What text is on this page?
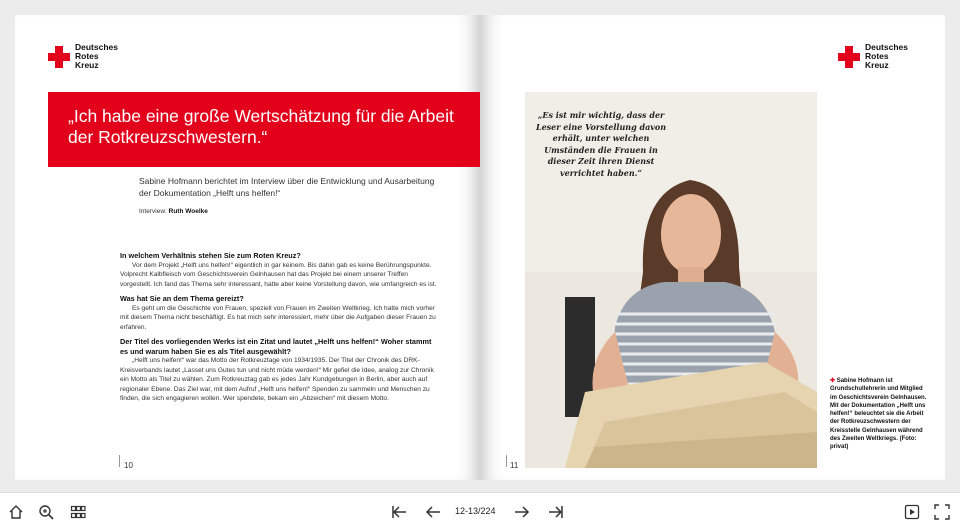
Deutsches
Rotes
Kreuz
„Ich habe eine große Wertschätzung für die Arbeit der Rotkreuzschwestern.“
Sabine Hofmann berichtet im Interview über die Entwicklung und Ausarbeitung der Dokumentation „Helft uns helfen!“
Interview: Ruth Woelke
In welchem Verhältnis stehen Sie zum Roten Kreuz?
Vor dem Projekt „Helft uns helfen!“ eigentlich in gar keinem. Bis dahin gab es keine Berührungspunkte. Volprecht Kalbfleisch vom Geschichtsverein Gelnhausen hat das Projekt bei einem unserer Treffen vorgestellt. Ich fand das Thema sehr interessant, hatte aber keine Vorstellung davon, wie umfangreich es ist.
Was hat Sie an dem Thema gereizt?
Es geht um die Geschichte von Frauen, speziell von Frauen im Zweiten Weltkrieg. Ich hatte mich vorher mit diesem Thema nicht beschäftigt. Es hat mich sehr interessiert, mehr über die Aufgaben dieser Frauen zu erfahren.
Der Titel des vorliegenden Werks ist ein Zitat und lautet „Helft uns helfen!“ Woher stammt es und warum haben Sie es als Titel ausgewählt?
„Helft uns helfen!“ war das Motto der Rotkreuztage von 1934/1935. Der Titel der Chronik des DRK-Kreisverbands lautet „Lasset uns Gutes tun und nicht müde werden!“ Mir gefiel die Idee, analog zur Chronik ein Motto als Titel zu wählen. Zum Rotkreuztag gab es jedes Jahr Kundgebungen in Berlin, aber auch auf regionaler Ebene. Das Ziel war, mit dem Aufruf „Helft uns helfen!“ Spenden zu sammeln und Menschen zu finden, die sich engagieren wollen. Wer spendete, bekam ein „Abzeichen“ mit diesem Motto.
10
Deutsches
Rotes
Kreuz
„Es ist mir wichtig, dass der Leser eine Vorstellung davon erhält, unter welchen Umständen die Frauen in dieser Zeit ihren Dienst verrichtet haben.“
✚ Sabine Hofmann ist Grundschullehrerin und Mitglied im Geschichtsverein Gelnhausen. Mit der Dokumentation „Helft uns helfen!“ beleuchtet sie die Arbeit der Rotkreuzschwestern der Kreisstelle Gelnhausen während des Zweiten Weltkriegs. (Foto: privat)
11
12-13/224
